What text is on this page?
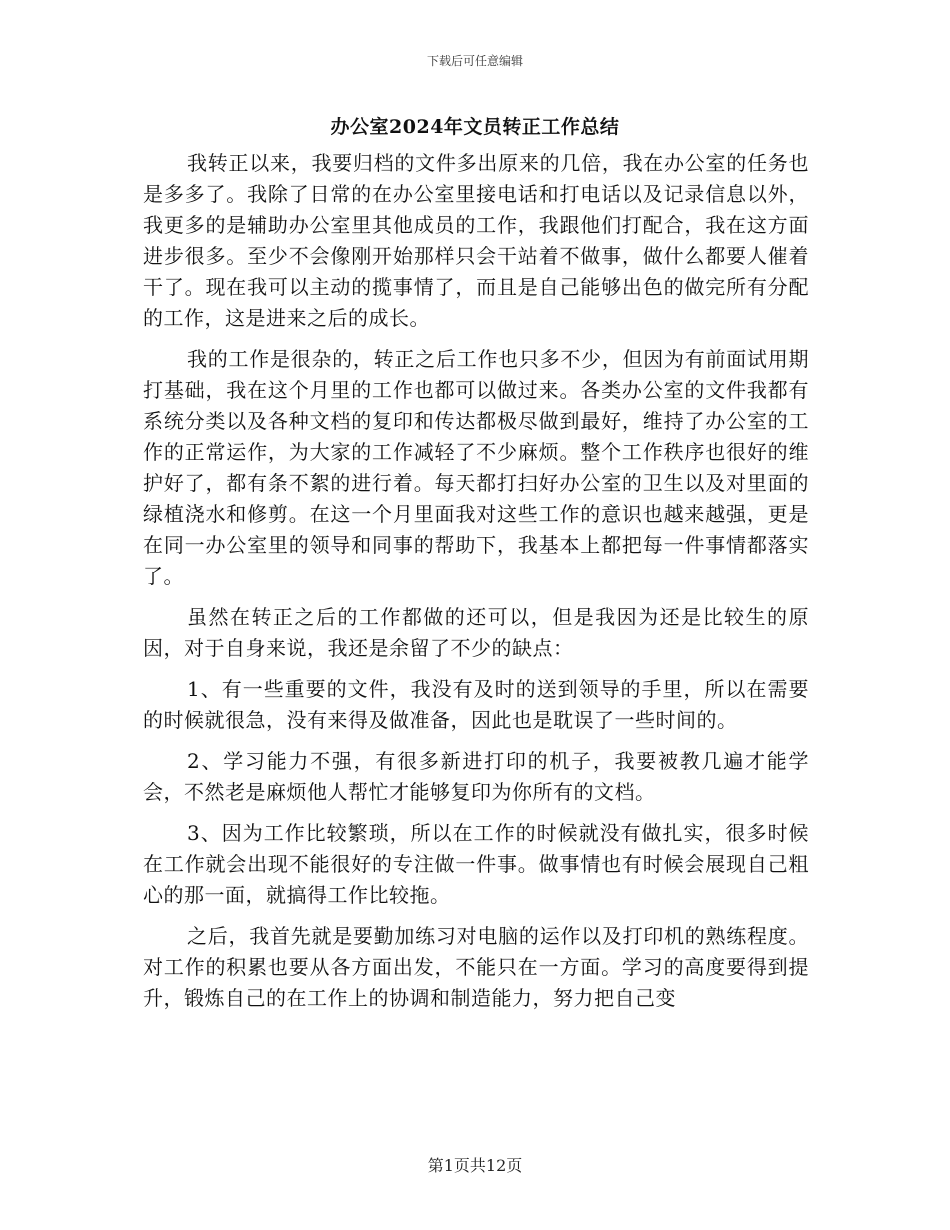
下载后可任意编辑
办公室2024年文员转正工作总结

我转正以来，我要归档的文件多出原来的几倍，我在办公室的任务也是多多了。我除了日常的在办公室里接电话和打电话以及记录信息以外，我更多的是辅助办公室里其他成员的工作，我跟他们打配合，我在这方面进步很多。至少不会像刚开始那样只会干站着不做事，做什么都要人催着干了。现在我可以主动的揽事情了，而且是自己能够出色的做完所有分配的工作，这是进来之后的成长。

我的工作是很杂的，转正之后工作也只多不少，但因为有前面试用期打基础，我在这个月里的工作也都可以做过来。各类办公室的文件我都有系统分类以及各种文档的复印和传达都极尽做到最好，维持了办公室的工作的正常运作，为大家的工作减轻了不少麻烦。整个工作秩序也很好的维护好了，都有条不絮的进行着。每天都打扫好办公室的卫生以及对里面的绿植浇水和修剪。在这一个月里面我对这些工作的意识也越来越强，更是在同一办公室里的领导和同事的帮助下，我基本上都把每一件事情都落实了。

虽然在转正之后的工作都做的还可以，但是我因为还是比较生的原因，对于自身来说，我还是余留了不少的缺点：

1、有一些重要的文件，我没有及时的送到领导的手里，所以在需要的时候就很急，没有来得及做准备，因此也是耽误了一些时间的。

2、学习能力不强，有很多新进打印的机子，我要被教几遍才能学会，不然老是麻烦他人帮忙才能够复印为你所有的文档。

3、因为工作比较繁琐，所以在工作的时候就没有做扎实，很多时候在工作就会出现不能很好的专注做一件事。做事情也有时候会展现自己粗心的那一面，就搞得工作比较拖。

之后，我首先就是要勤加练习对电脑的运作以及打印机的熟练程度。对工作的积累也要从各方面出发，不能只在一方面。学习的高度要得到提升，锻炼自己的在工作上的协调和制造能力，努力把自己变

第1页共12页
